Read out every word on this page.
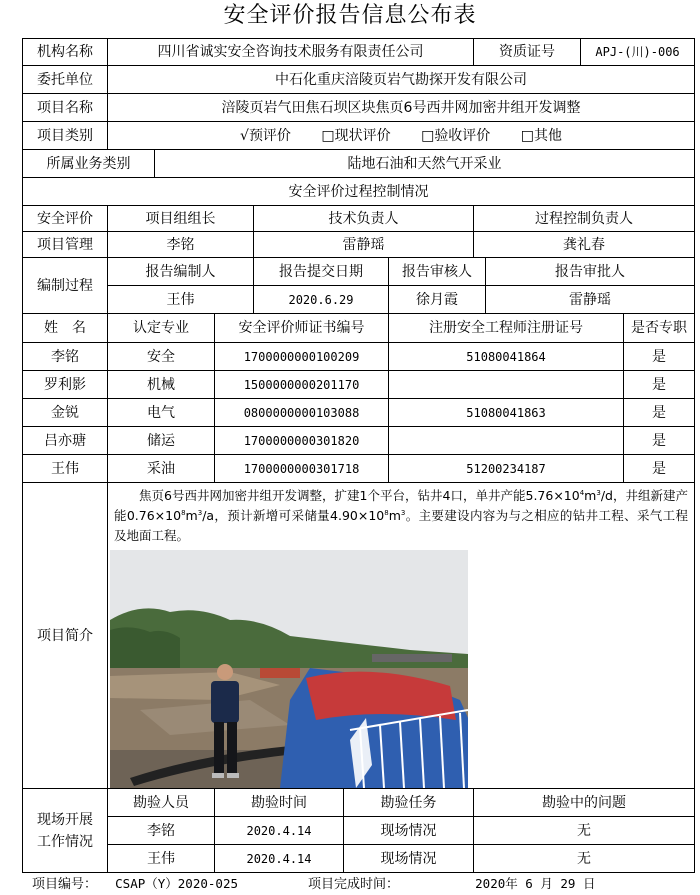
安全评价报告信息公布表
机构名称	四川省诚实安全咨询技术服务有限责任公司						资质证号		APJ-(川)-006	
委托单位	中石化重庆涪陵页岩气勘探开发有限公司									
项目名称	涪陵页岩气田焦石坝区块焦页6号西井网加密井组开发调整									
项目类别	√预评价 □现状评价 □验收评价 □其他									
所属业务类别		陆地石油和天然气开采业								
安全评价过程控制情况										
安全评价	项目组组长			技术负责人			过程控制负责人			
项目管理	李铭			雷静瑶			龚礼春			
编制过程	报告编制人			报告提交日期		报告审核人		报告审批人		
	王伟			2020.6.29		徐月霞		雷静瑶		
姓　名	认定专业		安全评价师证书编号			注册安全工程师注册证号				是否专职
李铭	安全		1700000000100209			51080041864				是
罗利影	机械		1500000000201170							是
金锐	电气		0800000000103088			51080041863				是
吕亦瑭	储运		1700000000301820							是
王伟	采油		1700000000301718			51200234187				是
项目简介	焦页6号西井网加密井组开发调整，扩建1个平台，钻井4口，单井产能$5.76\times 10^4m^3/d$，井组新建产能$0.76\times 10^8m^3/a$，预计新增可采储量$4.90\times 10^8m^3$。主要建设内容为与之相应的钻井工程、采气工程及地面工程。									

现场开展
工作情况	勘验人员		勘验时间		勘验任务		勘验中的问题			
	李铭		2020.4.14		现场情况		无			
	王伟		2020.4.14		现场情况		无			
项目编号： CSAP（Y）2020-025	项目完成时间：	2020年 6 月 29 日
